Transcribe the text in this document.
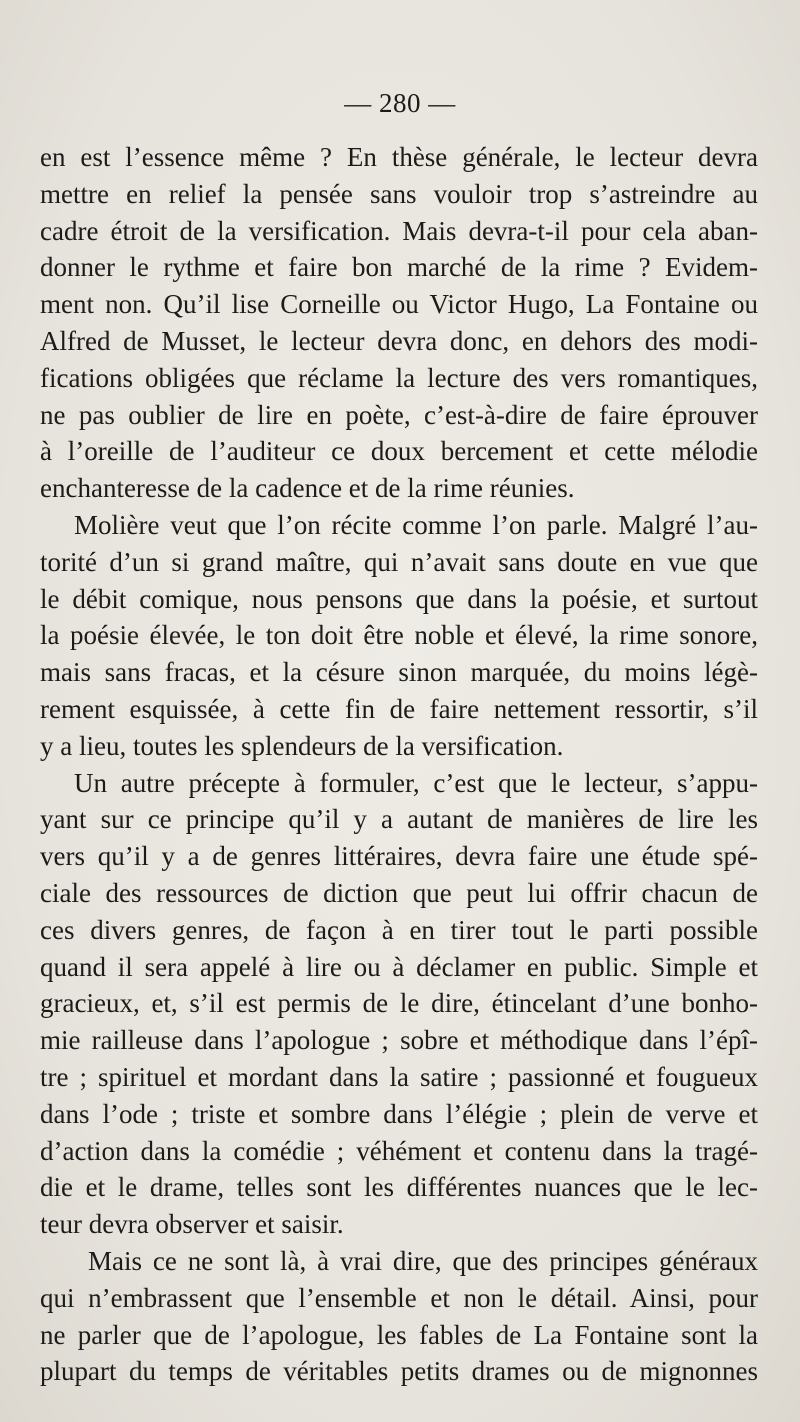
— 280 —
en est l’essence même ? En thèse générale, le lecteur devra
mettre en relief la pensée sans vouloir trop s’astreindre au
cadre étroit de la versification. Mais devra-t-il pour cela aban-
donner le rythme et faire bon marché de la rime ? Evidem-
ment non. Qu’il lise Corneille ou Victor Hugo, La Fontaine ou
Alfred de Musset, le lecteur devra donc, en dehors des modi-
fications obligées que réclame la lecture des vers romantiques,
ne pas oublier de lire en poète, c’est-à-dire de faire éprouver
à l’oreille de l’auditeur ce doux bercement et cette mélodie
enchanteresse de la cadence et de la rime réunies.
Molière veut que l’on récite comme l’on parle. Malgré l’au-
torité d’un si grand maître, qui n’avait sans doute en vue que
le débit comique, nous pensons que dans la poésie, et surtout
la poésie élevée, le ton doit être noble et élevé, la rime sonore,
mais sans fracas, et la césure sinon marquée, du moins légè-
rement esquissée, à cette fin de faire nettement ressortir, s’il
y a lieu, toutes les splendeurs de la versification.
Un autre précepte à formuler, c’est que le lecteur, s’appu-
yant sur ce principe qu’il y a autant de manières de lire les
vers qu’il y a de genres littéraires, devra faire une étude spé-
ciale des ressources de diction que peut lui offrir chacun de
ces divers genres, de façon à en tirer tout le parti possible
quand il sera appelé à lire ou à déclamer en public. Simple et
gracieux, et, s’il est permis de le dire, étincelant d’une bonho-
mie railleuse dans l’apologue ; sobre et méthodique dans l’épî-
tre ; spirituel et mordant dans la satire ; passionné et fougueux
dans l’ode ; triste et sombre dans l’élégie ; plein de verve et
d’action dans la comédie ; véhément et contenu dans la tragé-
die et le drame, telles sont les différentes nuances que le lec-
teur devra observer et saisir.
Mais ce ne sont là, à vrai dire, que des principes généraux
qui n’embrassent que l’ensemble et non le détail. Ainsi, pour
ne parler que de l’apologue, les fables de La Fontaine sont la
plupart du temps de véritables petits drames ou de mignonnes
